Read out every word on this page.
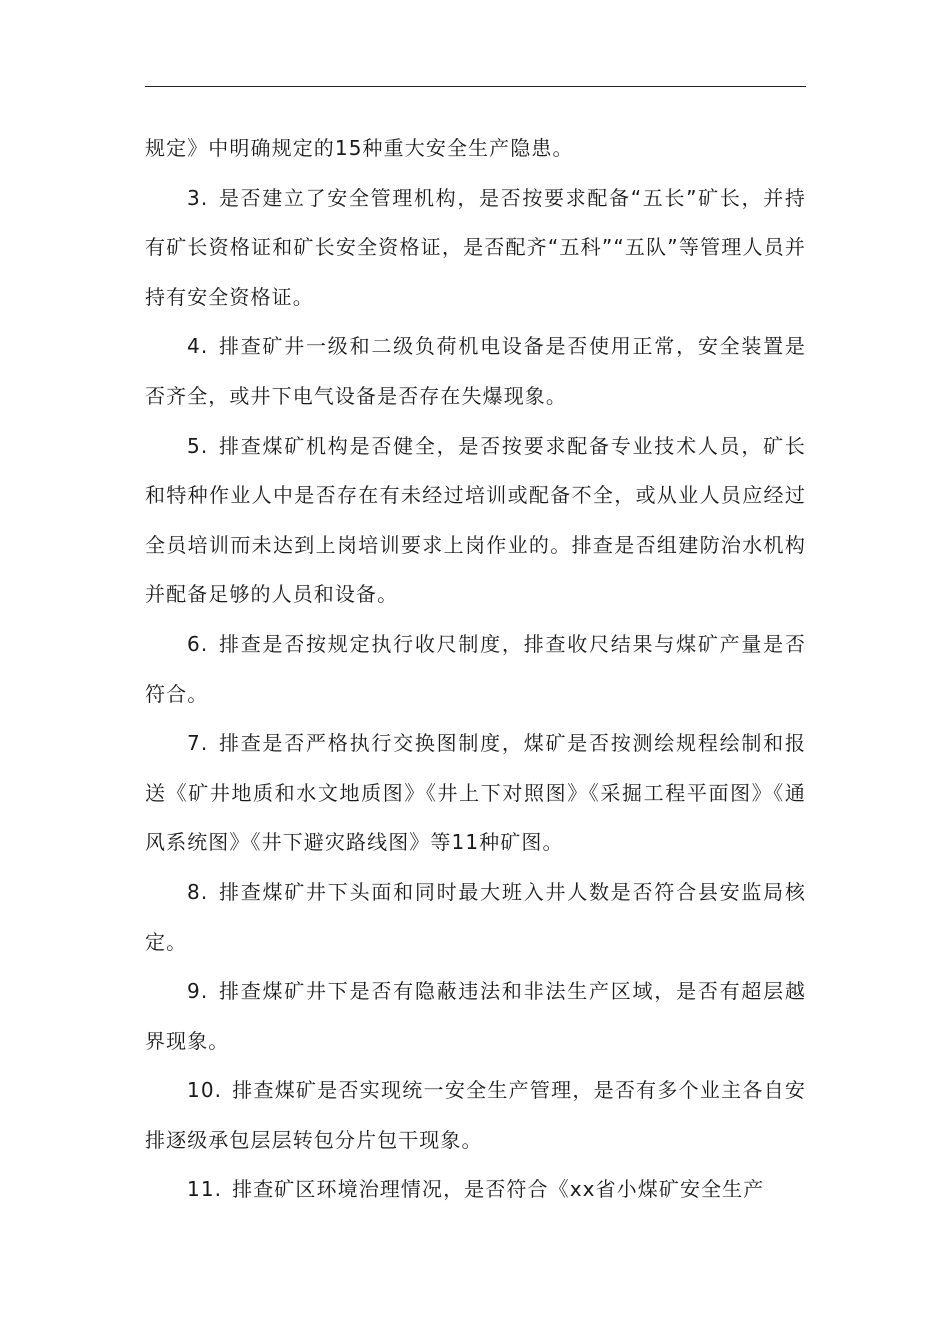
规定》中明确规定的15种重大安全生产隐患。

3. 是否建立了安全管理机构，是否按要求配备“五长”矿长，并持有矿长资格证和矿长安全资格证，是否配齐“五科”“五队”等管理人员并持有安全资格证。

4. 排查矿井一级和二级负荷机电设备是否使用正常，安全装置是否齐全，或井下电气设备是否存在失爆现象。

5. 排查煤矿机构是否健全，是否按要求配备专业技术人员，矿长和特种作业人中是否存在有未经过培训或配备不全，或从业人员应经过全员培训而未达到上岗培训要求上岗作业的。排查是否组建防治水机构并配备足够的人员和设备。

6. 排查是否按规定执行收尺制度，排查收尺结果与煤矿产量是否符合。

7. 排查是否严格执行交换图制度，煤矿是否按测绘规程绘制和报送《矿井地质和水文地质图》《井上下对照图》《采掘工程平面图》《通风系统图》《井下避灾路线图》等11种矿图。

8. 排查煤矿井下头面和同时最大班入井人数是否符合县安监局核定。

9. 排查煤矿井下是否有隐蔽违法和非法生产区域，是否有超层越界现象。

10. 排查煤矿是否实现统一安全生产管理，是否有多个业主各自安排逐级承包层层转包分片包干现象。

11. 排查矿区环境治理情况，是否符合《xx省小煤矿安全生产
